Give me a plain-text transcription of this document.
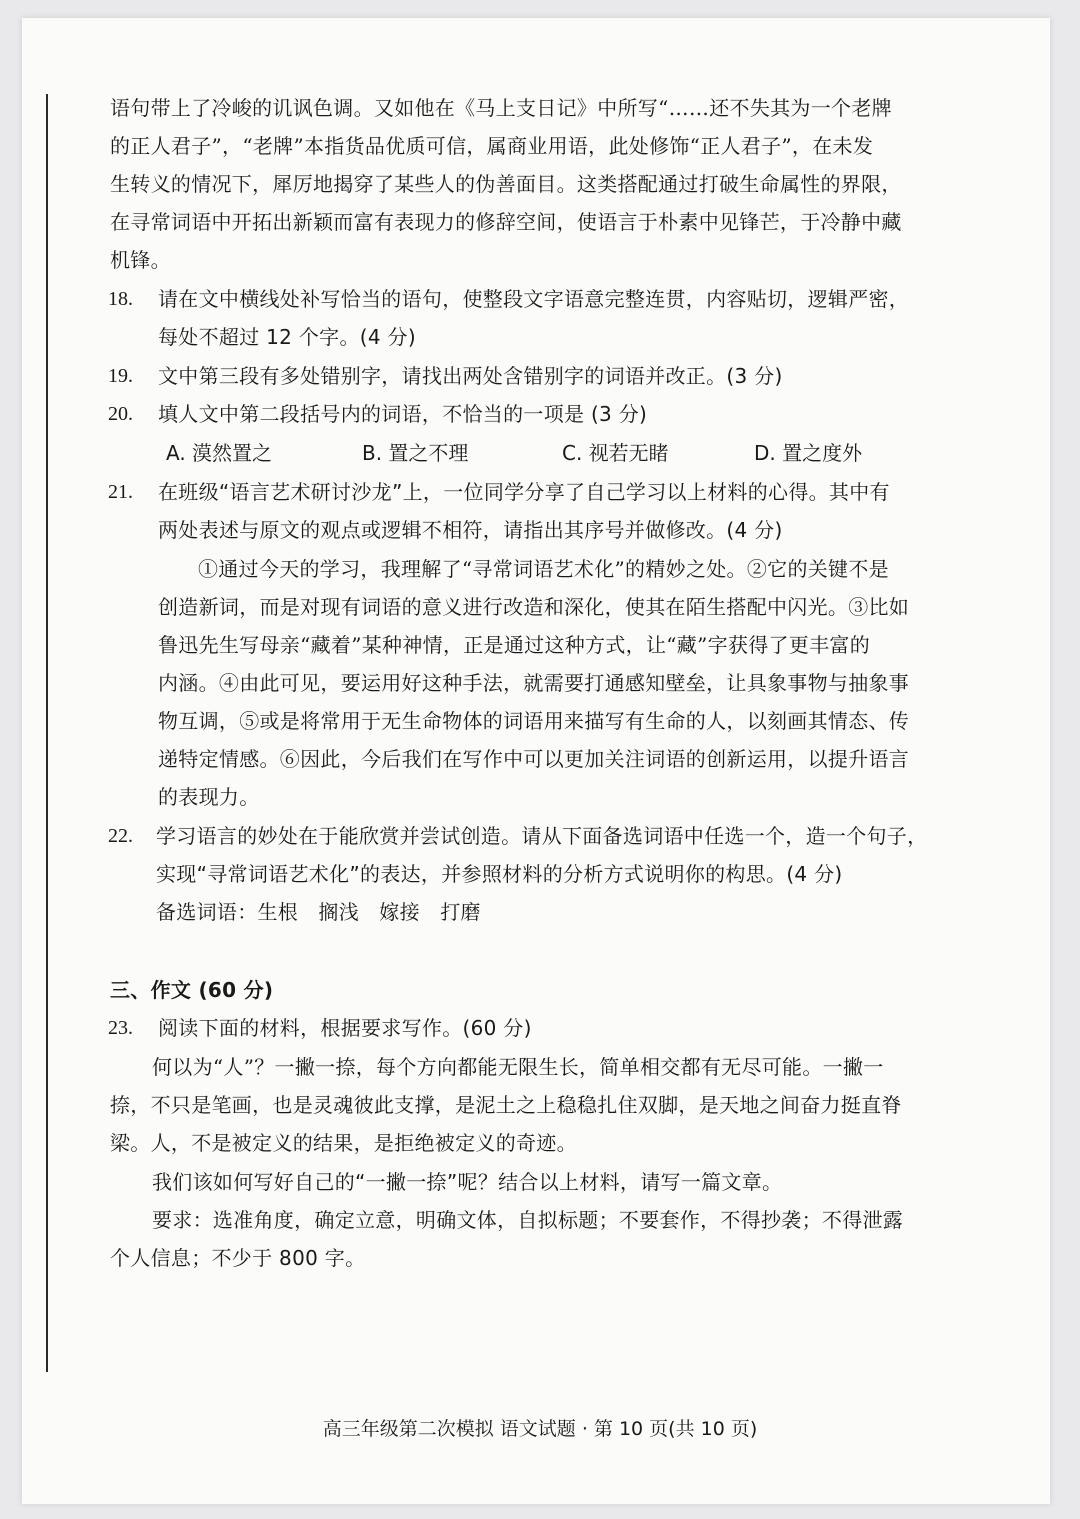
语句带上了冷峻的讥讽色调。又如他在《马上支日记》中所写“……还不失其为一个老牌
的正人君子”，“老牌”本指货品优质可信，属商业用语，此处修饰“正人君子”，在未发
生转义的情况下，犀厉地揭穿了某些人的伪善面目。这类搭配通过打破生命属性的界限，
在寻常词语中开拓出新颖而富有表现力的修辞空间，使语言于朴素中见锋芒，于冷静中藏
机锋。
18. 请在文中横线处补写恰当的语句，使整段文字语意完整连贯，内容贴切，逻辑严密，
每处不超过 12 个字。(4 分)
19. 文中第三段有多处错别字，请找出两处含错别字的词语并改正。(3 分)
20. 填人文中第二段括号内的词语，不恰当的一项是 (3 分)
A. 漠然置之	B. 置之不理	C. 视若无睹	D. 置之度外
21. 在班级“语言艺术研讨沙龙”上，一位同学分享了自己学习以上材料的心得。其中有
两处表述与原文的观点或逻辑不相符，请指出其序号并做修改。(4 分)
①通过今天的学习，我理解了“寻常词语艺术化”的精妙之处。②它的关键不是
创造新词，而是对现有词语的意义进行改造和深化，使其在陌生搭配中闪光。③比如
鲁迅先生写母亲“藏着”某种神情，正是通过这种方式，让“藏”字获得了更丰富的
内涵。④由此可见，要运用好这种手法，就需要打通感知壁垒，让具象事物与抽象事
物互调，⑤或是将常用于无生命物体的词语用来描写有生命的人，以刻画其情态、传
递特定情感。⑥因此，今后我们在写作中可以更加关注词语的创新运用，以提升语言
的表现力。
22. 学习语言的妙处在于能欣赏并尝试创造。请从下面备选词语中任选一个，造一个句子，
实现“寻常词语艺术化”的表达，并参照材料的分析方式说明你的构思。(4 分)
备选词语：生根　搁浅　嫁接　打磨
三、作文 (60 分)
23. 阅读下面的材料，根据要求写作。(60 分)
何以为“人”？一撇一捺，每个方向都能无限生长，简单相交都有无尽可能。一撇一
捺，不只是笔画，也是灵魂彼此支撑，是泥土之上稳稳扎住双脚，是天地之间奋力挺直脊
梁。人，不是被定义的结果，是拒绝被定义的奇迹。
我们该如何写好自己的“一撇一捺”呢？结合以上材料，请写一篇文章。
要求：选准角度，确定立意，明确文体，自拟标题；不要套作，不得抄袭；不得泄露
个人信息；不少于 800 字。
高三年级第二次模拟 语文试题 · 第 10 页(共 10 页)
